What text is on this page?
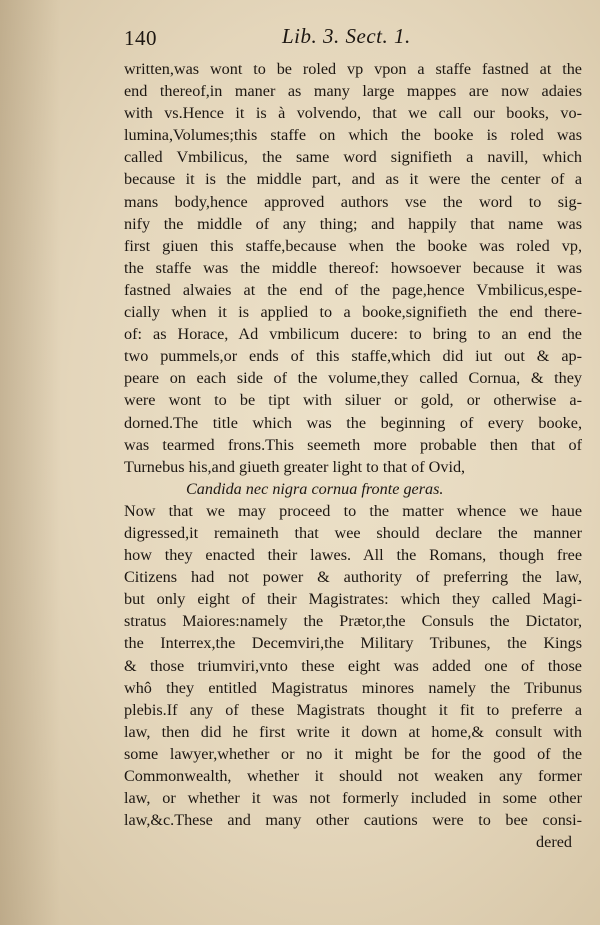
140	Lib. 3. Sect. 1.
written,was wont to be roled vp vpon a staffe fastned at the
end thereof,in maner as many large mappes are now adaies
with vs.Hence it is à volvendo, that we call our books, vo-
lumina,Volumes;this staffe on which the booke is roled was
called Vmbilicus, the same word signifieth a navill, which
because it is the middle part, and as it were the center of a
mans body,hence approved authors vse the word to sig-
nify the middle of any thing; and happily that name was
first giuen this staffe,because when the booke was roled vp,
the staffe was the middle thereof: howsoever because it was
fastned alwaies at the end of the page,hence Vmbilicus,espe-
cially when it is applied to a booke,signifieth the end there-
of: as Horace, Ad vmbilicum ducere: to bring to an end the
two pummels,or ends of this staffe,which did iut out & ap-
peare on each side of the volume,they called Cornua, & they
were wont to be tipt with siluer or gold, or otherwise a-
dorned.The title which was the beginning of every booke,
was tearmed frons.This seemeth more probable then that of
Turnebus his,and giueth greater light to that of Ovid,
Candida nec nigra cornua fronte geras.
Now that we may proceed to the matter whence we haue
digressed,it remaineth that wee should declare the manner
how they enacted their lawes. All the Romans, though free
Citizens had not power & authority of preferring the law,
but only eight of their Magistrates: which they called Magi-
stratus Maiores:namely the Prætor,the Consuls the Dictator,
the Interrex,the Decemviri,the Military Tribunes, the Kings
& those triumviri,vnto these eight was added one of those
whô they entitled Magistratus minores namely the Tribunus
plebis.If any of these Magistrats thought it fit to preferre a
law, then did he first write it down at home,& consult with
some lawyer,whether or no it might be for the good of the
Commonwealth, whether it should not weaken any former
law, or whether it was not formerly included in some other
law,&c.These and many other cautions were to bee consi-
dered
